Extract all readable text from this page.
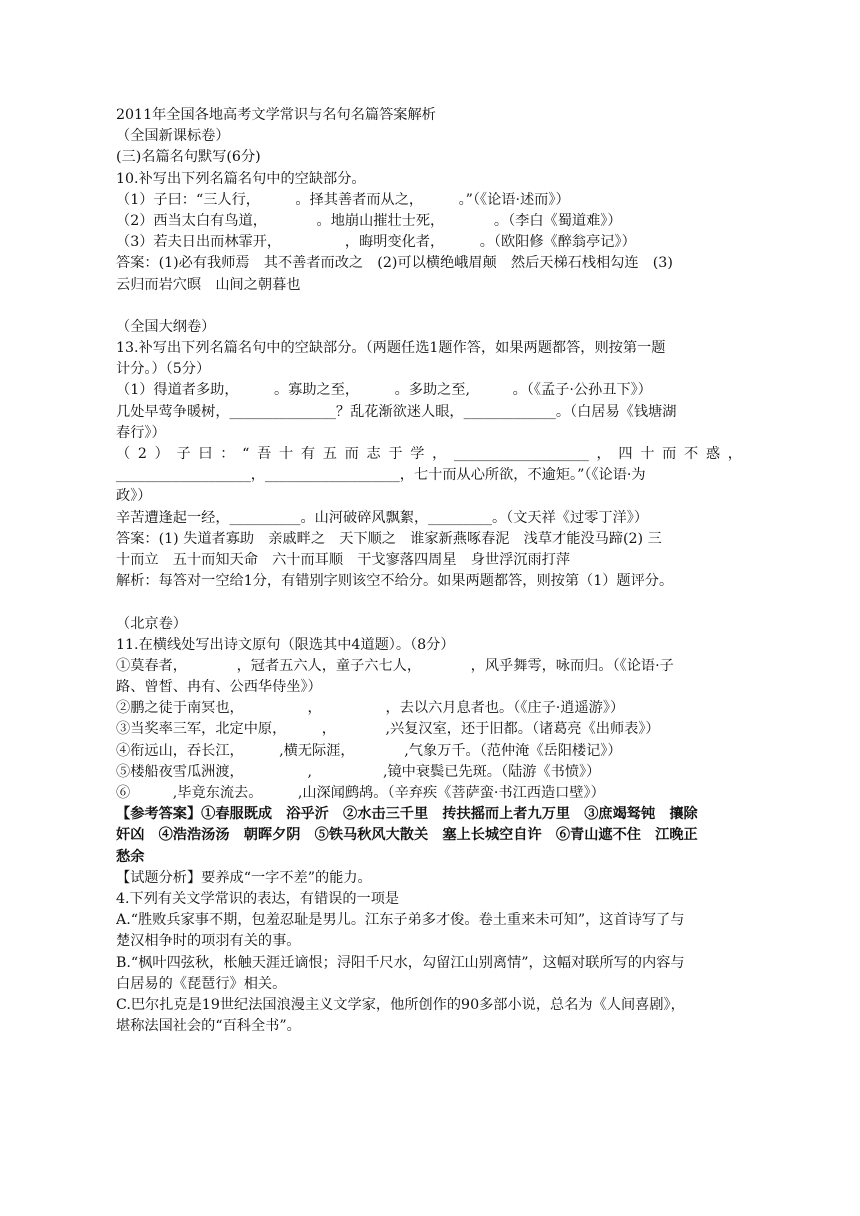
2011年全国各地高考文学常识与名句名篇答案解析
（全国新课标卷）
(三)名篇名句默写(6分)
10.补写出下列名篇名句中的空缺部分。
（1）子曰：“三人行，　　　。择其善者而从之，　　　。”（《论语·述而》）
（2）西当太白有鸟道，　　　　。地崩山摧壮士死，　　　　。（李白《蜀道难》）
（3）若夫日出而林霏开，　　　　　，晦明变化者，　　　。（欧阳修《醉翁亭记》）
答案：(1)必有我师焉　其不善者而改之　(2)可以横绝峨眉颠　然后天梯石栈相勾连　(3)
云归而岩穴暝　山间之朝暮也
（全国大纲卷）
13.补写出下列名篇名句中的空缺部分。（两题任选1题作答，如果两题都答，则按第一题
计分。）（5分）
（1）得道者多助，　　　。寡助之至，　　　。多助之至,　　　。（《孟子·公孙丑下》）
几处早莺争暖树，_______________？乱花渐欲迷人眼，_____________。（白居易《钱塘湖
春行》）
（2）子曰：“吾十有五而志于学，___________________，四十而不惑，
___________________，___________________，七十而从心所欲，不逾矩。”（《论语·为
政》）
辛苦遭逢起一经，__________。山河破碎风飘絮，_________。（文天祥《过零丁洋》）
答案：(1) 失道者寡助　亲戚畔之　天下顺之　谁家新燕啄春泥　浅草才能没马蹄(2) 三
十而立　五十而知天命　六十而耳顺　干戈寥落四周星　身世浮沉雨打萍
解析：每答对一空给1分，有错别字则该空不给分。如果两题都答，则按第（1）题评分。
（北京卷）
11.在横线处写出诗文原句（限选其中4道题）。（8分）
①莫春者，　　　　，冠者五六人，童子六七人，　　　　，风乎舞雩，咏而归。（《论语·子
路、曾皙、冉有、公西华侍坐》）
②鹏之徒于南冥也，　　　　　，　　　　　，去以六月息者也。（《庄子·逍遥游》）
③当奖率三军，北定中原，　　　，　　　　,兴复汉室，还于旧都。（诸葛亮《出师表》）
④衔远山，吞长江，　　　,横无际涯，　　　　,气象万千。（范仲淹《岳阳楼记》）
⑤楼船夜雪瓜洲渡，　　　　　,　　　　　,镜中衰鬓已先斑。（陆游《书愤》）
⑥　　　,毕竟东流去。　　　,山深闻鹧鸪。（辛弃疾《菩萨蛮·书江西造口壁》）
【参考答案】①春服既成　浴乎沂　②水击三千里　抟扶摇而上者九万里　③庶竭驽钝　攘除
奸凶　④浩浩汤汤　朝晖夕阴　⑤铁马秋风大散关　塞上长城空自许　⑥青山遮不住　江晚正
愁余
【试题分析】要养成“一字不差”的能力。
4.下列有关文学常识的表达，有错误的一项是
A.“胜败兵家事不期，包羞忍耻是男儿。江东子弟多才俊。卷土重来未可知”，这首诗写了与
楚汉相争时的项羽有关的事。
B.“枫叶四弦秋，枨触天涯迁谪恨；浔阳千尺水，勾留江山别离情”，这幅对联所写的内容与
白居易的《琵琶行》相关。
C.巴尔扎克是19世纪法国浪漫主义文学家，他所创作的90多部小说，总名为《人间喜剧》，
堪称法国社会的“百科全书”。
